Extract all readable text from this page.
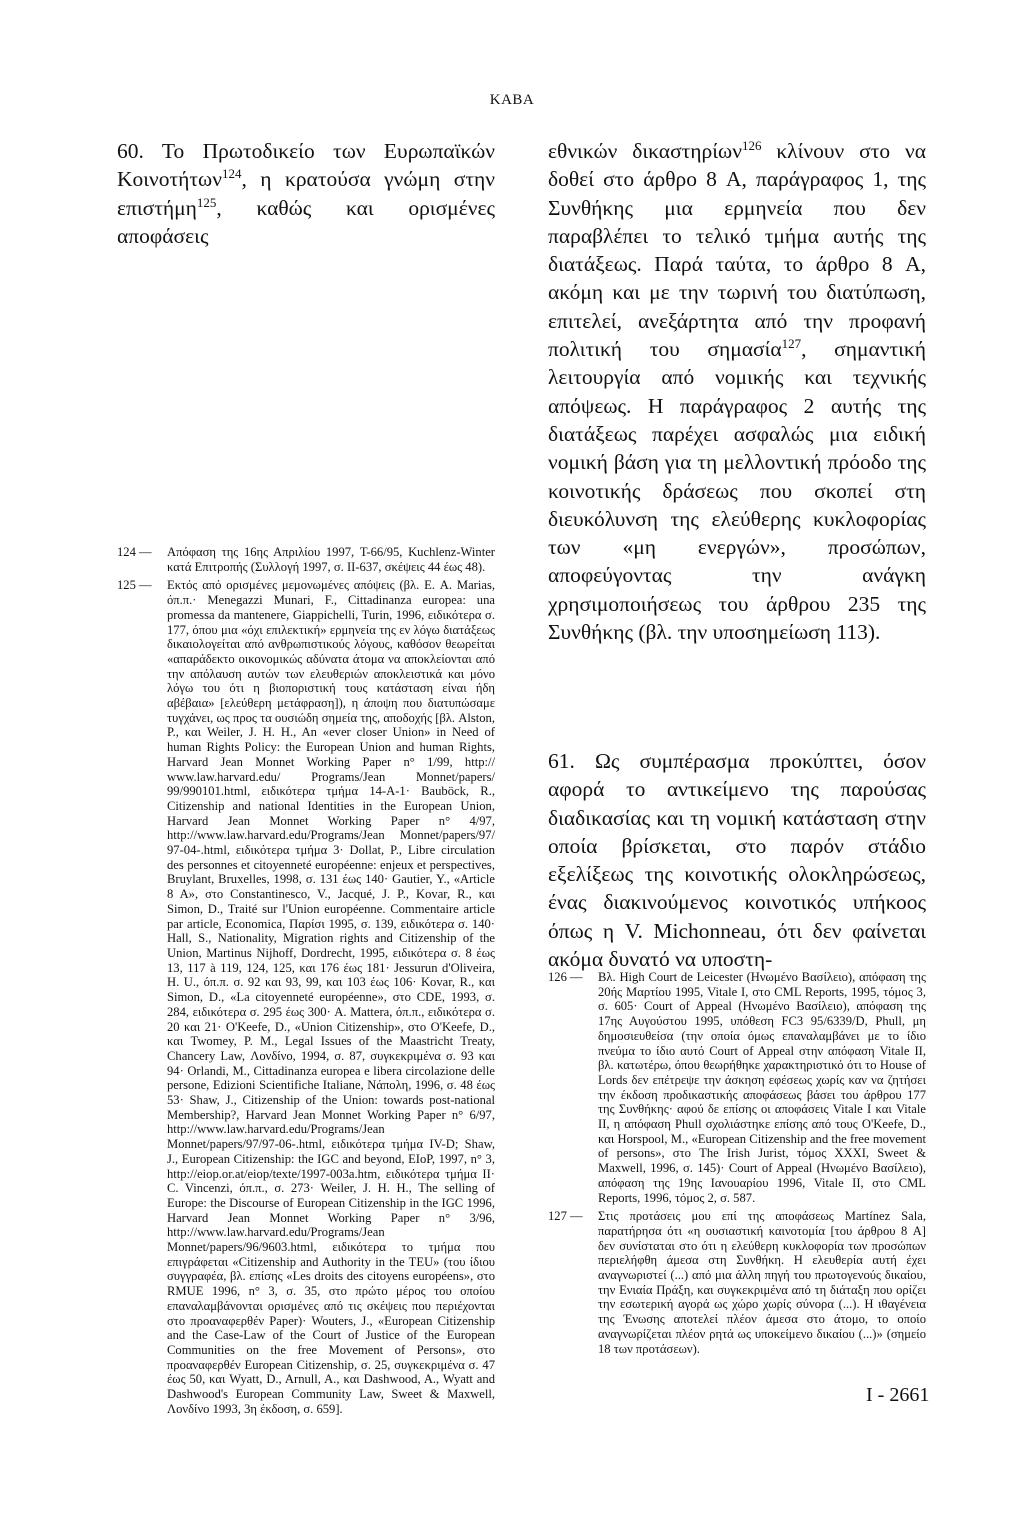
KABA

60. Το Πρωτοδικείο των Ευρωπαϊκών Κοινοτήτων$^{124}$, η κρατούσα γνώμη στην επιστήμη$^{125}$, καθώς και ορισμένες αποφάσεις

124 —	Απόφαση της 16ης Απριλίου 1997, T-66/95, Kuchlenz-Winter κατά Επιτροπής (Συλλογή 1997, σ. II-637, σκέψεις 44 έως 48).
125 —	Εκτός από ορισμένες μεμονωμένες απόψεις (βλ. Ε. A. Marias, όπ.π.· Menegazzi Munari, F., Cittadinanza europea: una promessa da mantenere, Giappichelli, Turin, 1996, ειδικότερα σ. 177, όπου μια «όχι επιλεκτική» ερμηνεία της εν λόγω διατάξεως δικαιολογείται από ανθρωπιστικούς λόγους, καθόσον θεωρείται «απαράδεκτο οικονομικώς αδύνατα άτομα να αποκλείονται από την απόλαυση αυτών των ελευθεριών αποκλειστικά και μόνο λόγω του ότι η βιοποριστική τους κατάσταση είναι ήδη αβέβαια» [ελεύθερη μετάφραση]), η άποψη που διατυπώσαμε τυγχάνει, ως προς τα ουσιώδη σημεία της, αποδοχής [βλ. Alston, P., και Weiler, J. H. H., An «ever closer Union» in Need of human Rights Policy: the European Union and human Rights, Harvard Jean Monnet Working Paper n° 1/99, http:// www.law.harvard.edu/ Programs/Jean Monnet/papers/ 99/990101.html, ειδικότερα τμήμα 14-A-1· Bauböck, R., Citizenship and national Identities in the European Union, Harvard Jean Monnet Working Paper n° 4/97, http://www.law.harvard.edu/Programs/Jean Monnet/papers/97/ 97-04-.html, ειδικότερα τμήμα 3· Dollat, P., Libre circulation des personnes et citoyenneté européenne: enjeux et perspectives, Bruylant, Bruxelles, 1998, σ. 131 έως 140· Gautier, Y., «Article 8 A», στο Constantinesco, V., Jacqué, J. P., Kovar, R., και Simon, D., Traité sur l'Union européenne. Commentaire article par article, Economica, Παρίσι 1995, σ. 139, ειδικότερα σ. 140· Hall, S., Nationality, Migration rights and Citizenship of the Union, Martinus Nijhoff, Dordrecht, 1995, ειδικότερα σ. 8 έως 13, 117 à 119, 124, 125, και 176 έως 181· Jessurun d'Oliveira, H. U., όπ.π. σ. 92 και 93, 99, και 103 έως 106· Kovar, R., και Simon, D., «La citoyenneté européenne», στο CDE, 1993, σ. 284, ειδικότερα σ. 295 έως 300· A. Mattera, όπ.π., ειδικότερα σ. 20 και 21· O'Keefe, D., «Union Citizenship», στο O'Keefe, D., και Twomey, P. M., Legal Issues of the Maastricht Treaty, Chancery Law, Λονδίνο, 1994, σ. 87, συγκεκριμένα σ. 93 και 94· Orlandi, M., Cittadinanza europea e libera circolazione delle persone, Edizioni Scientifiche Italiane, Νάπολη, 1996, σ. 48 έως 53· Shaw, J., Citizenship of the Union: towards post-national Membership?, Harvard Jean Monnet Working Paper n° 6/97, http://www.law.harvard.edu/Programs/Jean Monnet/papers/97/97-06-.html, ειδικότερα τμήμα IV-D; Shaw, J., European Citizenship: the IGC and beyond, EIoP, 1997, n° 3, http://eiop.or.at/eiop/texte/1997-003a.htm, ειδικότερα τμήμα II· C. Vincenzi, όπ.π., σ. 273· Weiler, J. H. H., The selling of Europe: the Discourse of European Citizenship in the IGC 1996, Harvard Jean Monnet Working Paper n° 3/96, http://www.law.harvard.edu/Programs/Jean Monnet/papers/96/9603.html, ειδικότερα το τμήμα που επιγράφεται «Citizenship and Authority in the TEU» (του ίδιου συγγραφέα, βλ. επίσης «Les droits des citoyens européens», στο RMUE 1996, n° 3, σ. 35, στο πρώτο μέρος του οποίου επαναλαμβάνονται ορισμένες από τις σκέψεις που περιέχονται στο προαναφερθέν Paper)· Wouters, J., «European Citizenship and the Case-Law of the Court of Justice of the European Communities on the free Movement of Persons», στο προαναφερθέν European Citizenship, σ. 25, συγκεκριμένα σ. 47 έως 50, και Wyatt, D., Arnull, A., και Dashwood, A., Wyatt and Dashwood's European Community Law, Sweet & Maxwell, Λονδίνο 1993, 3η έκδοση, σ. 659].

εθνικών δικαστηρίων$^{126}$ κλίνουν στο να δοθεί στο άρθρο 8 A, παράγραφος 1, της Συνθήκης μια ερμηνεία που δεν παραβλέπει το τελικό τμήμα αυτής της διατάξεως. Παρά ταύτα, το άρθρο 8 A, ακόμη και με την τωρινή του διατύπωση, επιτελεί, ανεξάρτητα από την προφανή πολιτική του σημασία$^{127}$, σημαντική λειτουργία από νομικής και τεχνικής απόψεως. Η παράγραφος 2 αυτής της διατάξεως παρέχει ασφαλώς μια ειδική νομική βάση για τη μελλοντική πρόοδο της κοινοτικής δράσεως που σκοπεί στη διευκόλυνση της ελεύθερης κυκλοφορίας των «μη ενεργών», προσώπων, αποφεύγοντας την ανάγκη χρησιμοποιήσεως του άρθρου 235 της Συνθήκης (βλ. την υποσημείωση 113).

61. Ως συμπέρασμα προκύπτει, όσον αφορά το αντικείμενο της παρούσας διαδικασίας και τη νομική κατάσταση στην οποία βρίσκεται, στο παρόν στάδιο εξελίξεως της κοινοτικής ολοκληρώσεως, ένας διακινούμενος κοινοτικός υπήκοος όπως η V. Michonneau, ότι δεν φαίνεται ακόμα δυνατό να υποστη-

126 —	Βλ. High Court de Leicester (Ηνωμένο Βασίλειο), απόφαση της 20ής Μαρτίου 1995, Vitale I, στο CML Reports, 1995, τόμος 3, σ. 605· Court of Appeal (Ηνωμένο Βασίλειο), απόφαση της 17ης Αυγούστου 1995, υπόθεση FC3 95/6339/D, Phull, μη δημοσιευθείσα (την οποία όμως επαναλαμβάνει με το ίδιο πνεύμα το ίδιο αυτό Court of Appeal στην απόφαση Vitale II, βλ. κατωτέρω, όπου θεωρήθηκε χαρακτηριστικό ότι το House of Lords δεν επέτρεψε την άσκηση εφέσεως χωρίς καν να ζητήσει την έκδοση προδικαστικής αποφάσεως βάσει του άρθρου 177 της Συνθήκης· αφού δε επίσης οι αποφάσεις Vitale I και Vitale II, η απόφαση Phull σχολιάστηκε επίσης από τους O'Keefe, D., και Horspool, M., «European Citizenship and the free movement of persons», στο The Irish Jurist, τόμος XXXI, Sweet & Maxwell, 1996, σ. 145)· Court of Appeal (Ηνωμένο Βασίλειο), απόφαση της 19ης Ιανουαρίου 1996, Vitale II, στο CML Reports, 1996, τόμος 2, σ. 587.
127 —	Στις προτάσεις μου επί της αποφάσεως Martínez Sala, παρατήρησα ότι «η ουσιαστική καινοτομία [του άρθρου 8 A] δεν συνίσταται στο ότι η ελεύθερη κυκλοφορία των προσώπων περιελήφθη άμεσα στη Συνθήκη. Η ελευθερία αυτή έχει αναγνωριστεί (...) από μια άλλη πηγή του πρωτογενούς δικαίου, την Ενιαία Πράξη, και συγκεκριμένα από τη διάταξη που ορίζει την εσωτερική αγορά ως χώρο χωρίς σύνορα (...). Η ιθαγένεια της Ένωσης αποτελεί πλέον άμεσα στο άτομο, το οποίο αναγνωρίζεται πλέον ρητά ως υποκείμενο δικαίου (...)» (σημείο 18 των προτάσεων).
I - 2661
